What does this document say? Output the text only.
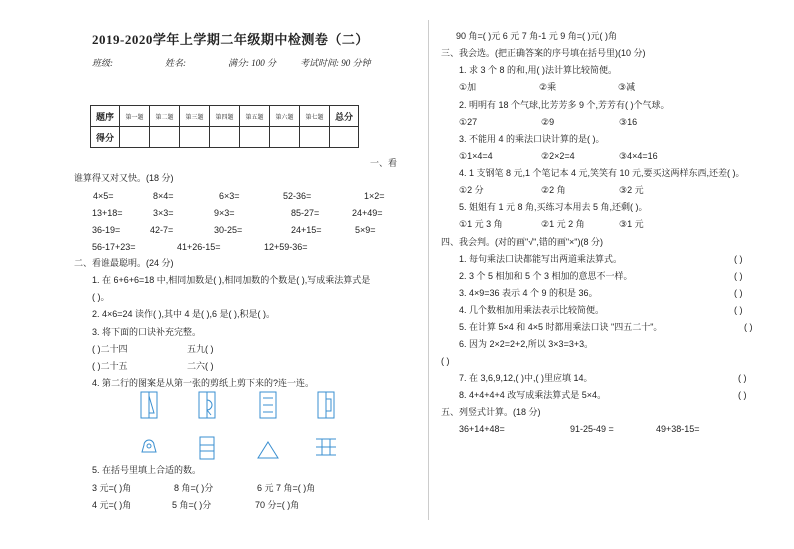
2019-2020学年上学期二年级期中检测卷（二）
班级:	姓名:	满分: 100 分	考试时间: 90 分钟
题序	第一题	第二题	第三题	第四题	第五题	第六题	第七题	总分
得分								
一、看
谁算得又对又快。(18 分)
4×5=	8×4=	6×3=	52-36=	1×2=
13+18=	3×3=	9×3=	85-27=	24+49=
36-19=	42-7=	30-25=	24+15=	5×9=
56-17+23=	41+26-15=	12+59-36=
二、看谁最聪明。(24 分)
1. 在 6+6+6=18 中,相同加数是( ),相同加数的个数是( ),写成乘法算式是
( )。
2. 4×6=24 读作( ),其中 4 是( ),6 是( ),积是( )。
3. 将下面的口诀补充完整。
( )二十四	五九( )
( )二十五	二六( )
4. 第二行的图案是从第一张的剪纸上剪下来的?连一连。
5. 在括号里填上合适的数。
3 元=( )角	8 角=( )分	6 元 7 角=( )角
4 元=( )角	5 角=( )分	70 分=( )角
90 角=( )元 6 元 7 角-1 元 9 角=( )元( )角
三、我会选。(把正确答案的序号填在括号里)(10 分)
1. 求 3 个 8 的和,用( )法计算比较简便。
①加	②乘	③减
2. 明明有 18 个气球,比芳芳多 9 个,芳芳有( )个气球。
①27	②9	③16
3. 不能用 4 的乘法口诀计算的是( )。
①1×4=4	②2×2=4	③4×4=16
4. 1 支钢笔 8 元,1 个笔记本 4 元,笑笑有 10 元,要买这两样东西,还差( )。
①2 分	②2 角	③2 元
5. 姐姐有 1 元 8 角,买练习本用去 5 角,还剩( )。
①1 元 3 角	②1 元 2 角	③1 元
四、我会判。(对的画"√",错的画"×")(8 分)
1. 每句乘法口诀都能写出两道乘法算式。	( )
2. 3 个 5 相加和 5 个 3 相加的意思不一样。	( )
3. 4×9=36 表示 4 个 9 的积是 36。	( )
4. 几个数相加用乘法表示比较简便。	( )
5. 在计算 5×4 和 4×5 时都用乘法口诀 "四五二十"。	( )
6. 因为 2×2=2+2,所以 3×3=3+3。
( )
7. 在 3,6,9,12,( )中,( )里应填 14。	( )
8. 4+4+4+4 改写成乘法算式是 5×4。	( )
五、列竖式计算。(18 分)
36+14+48=	91-25-49 =	49+38-15=
